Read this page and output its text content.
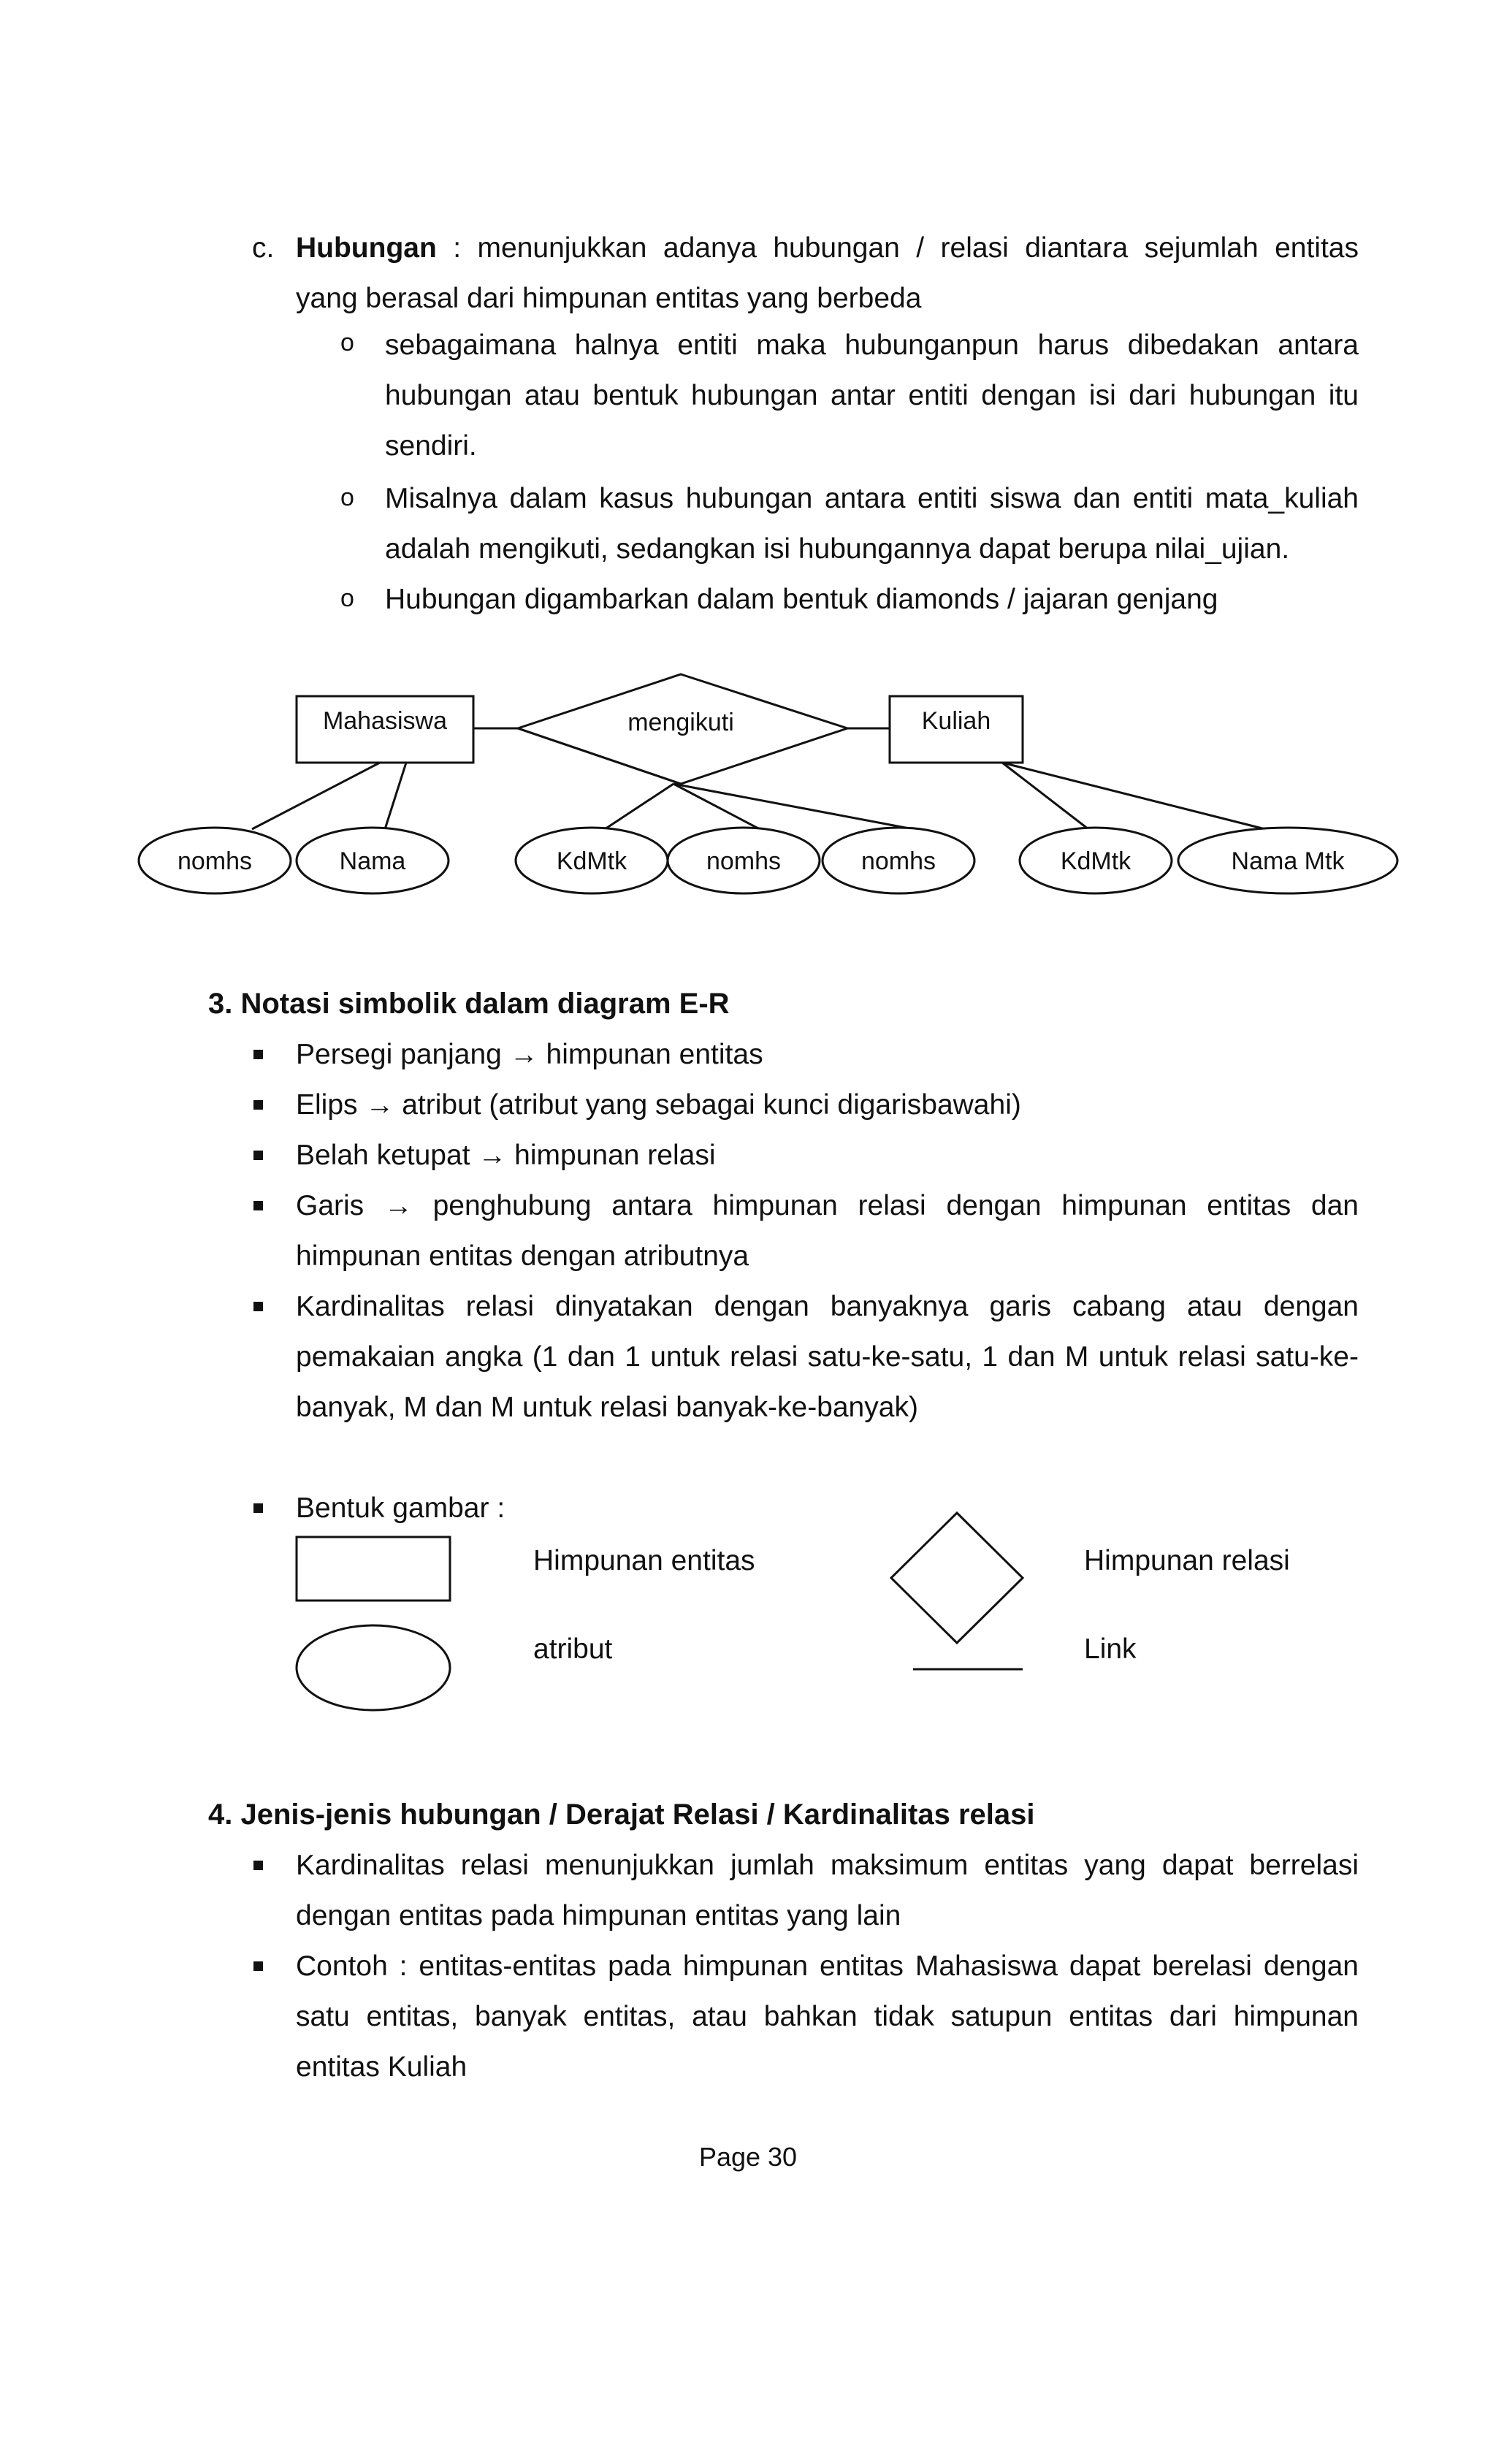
c. Hubungan : menunjukkan adanya hubungan / relasi diantara sejumlah entitas
yang berasal dari himpunan entitas yang berbeda
o sebagaimana halnya entiti maka hubunganpun harus dibedakan antara hubungan atau bentuk hubungan antar entiti dengan isi dari hubungan itu sendiri.
o Misalnya dalam kasus hubungan antara entiti siswa dan entiti mata_kuliah adalah mengikuti, sedangkan isi hubungannya dapat berupa nilai_ujian.
o Hubungan digambarkan dalam bentuk diamonds / jajaran genjang
Mahasiswa	Kuliah
mengikuti
nomhs	Nama	KdMtk	nomhs	nomhs	KdMtk	Nama Mtk
3. Notasi simbolik dalam diagram E-R
Persegi panjang → himpunan entitas
Elips → atribut (atribut yang sebagai kunci digarisbawahi)
Belah ketupat → himpunan relasi
Garis → penghubung antara himpunan relasi dengan himpunan entitas dan himpunan entitas dengan atributnya
Kardinalitas relasi dinyatakan dengan banyaknya garis cabang atau dengan pemakaian angka (1 dan 1 untuk relasi satu-ke-satu, 1 dan M untuk relasi satu-ke-banyak, M dan M untuk relasi banyak-ke-banyak)
Bentuk gambar :
Himpunan entitas	Himpunan relasi
atribut	Link
4. Jenis-jenis hubungan / Derajat Relasi / Kardinalitas relasi
Kardinalitas relasi menunjukkan jumlah maksimum entitas yang dapat berrelasi dengan entitas pada himpunan entitas yang lain
Contoh : entitas-entitas pada himpunan entitas Mahasiswa dapat berelasi dengan satu entitas, banyak entitas, atau bahkan tidak satupun entitas dari himpunan entitas Kuliah
Page 30
